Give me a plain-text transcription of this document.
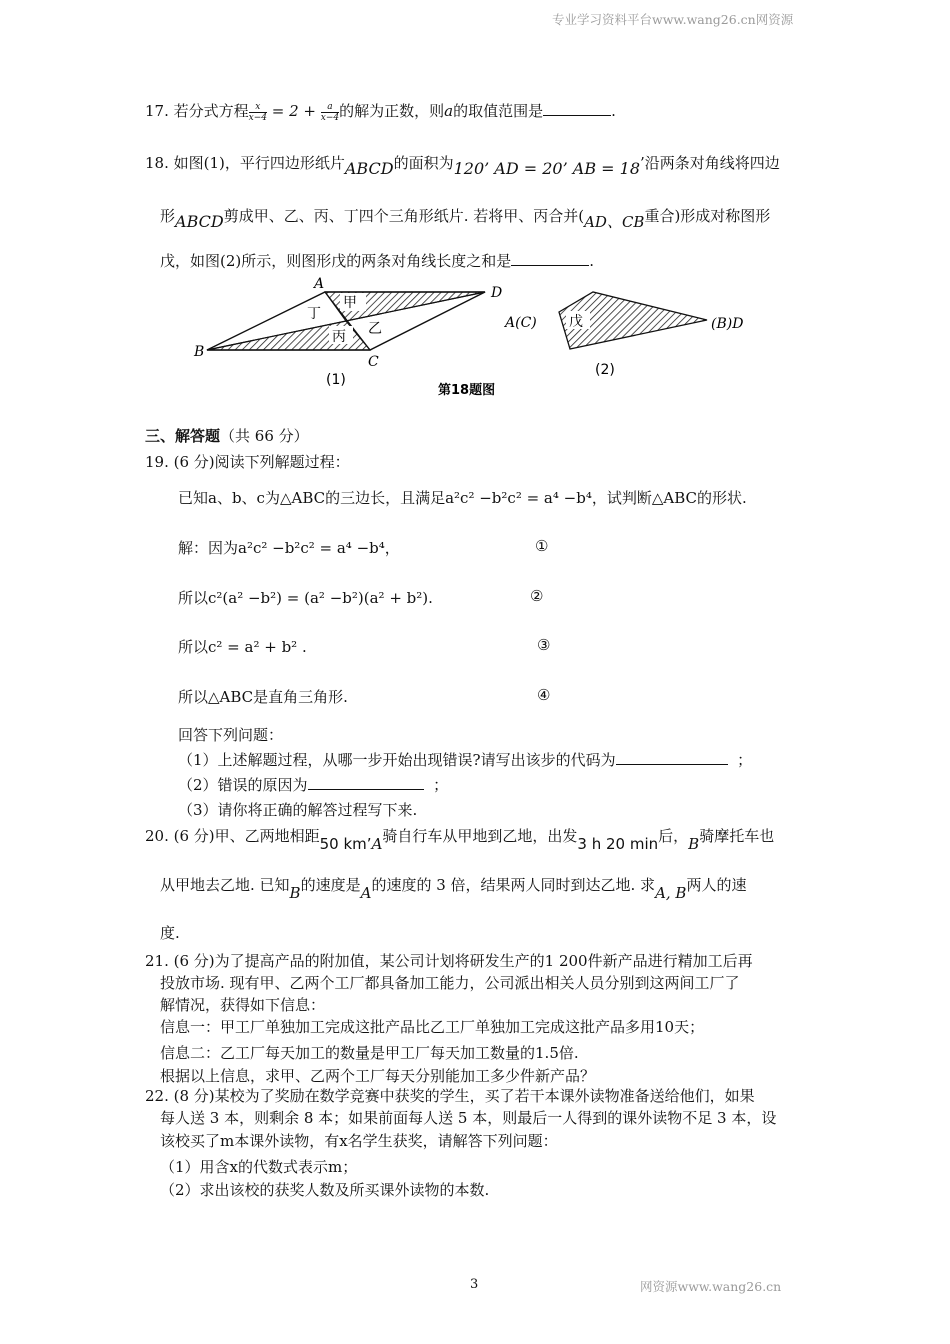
专业学习资料平台www.wang26.cn网资源
17. 若分式方程 $\frac{x}{x-4} = 2 + \frac{a}{x-4}$ 的解为正数，则a的取值范围是	.
18. 如图(1)，平行四边形纸片ABCD的面积为120’ AD = 20’ AB = 18’沿两条对角线将四边
形ABCD剪成甲、乙、丙、丁四个三角形纸片. 若将甲、丙合并(AD、CB重合)形成对称图形
戊，如图(2)所示，则图形戊的两条对角线长度之和是	.
甲
乙
丙
丁
A
D
B
C
(1)
戊
A(C)	(B)D
(2)
第18题图
三、解答题（共 66 分）
19. (6 分)阅读下列解题过程：
已知a、b、c为△ABC的三边长，且满足a²c² −b²c² = a⁴ −b⁴，试判断△ABC的形状.
解：因为a²c² −b²c² = a⁴ −b⁴，	①
所以c²(a² −b²) = (a² −b²)(a² + b²).	②
所以c² = a² + b² .	③
所以△ABC是直角三角形.	④
回答下列问题：
（1）上述解题过程，从哪一步开始出现错误?请写出该步的代码为	；
（2）错误的原因为	；
（3）请你将正确的解答过程写下来.
20. (6 分)甲、乙两地相距50 km’A骑自行车从甲地到乙地，出发3 h 20 min后，B骑摩托车也
从甲地去乙地. 已知B的速度是A的速度的 3 倍，结果两人同时到达乙地. 求A, B两人的速
度.
21. (6 分)为了提高产品的附加值，某公司计划将研发生产的1 200件新产品进行精加工后再
投放市场. 现有甲、乙两个工厂都具备加工能力，公司派出相关人员分别到这两间工厂了
解情况，获得如下信息：
信息一：甲工厂单独加工完成这批产品比乙工厂单独加工完成这批产品多用10天；
信息二：乙工厂每天加工的数量是甲工厂每天加工数量的1.5倍.
根据以上信息，求甲、乙两个工厂每天分别能加工多少件新产品？
22. (8 分)某校为了奖励在数学竞赛中获奖的学生，买了若干本课外读物准备送给他们，如果
每人送 3 本，则剩余 8 本；如果前面每人送 5 本，则最后一人得到的课外读物不足 3 本，设
该校买了m本课外读物，有x名学生获奖，请解答下列问题：
（1）用含x的代数式表示m；
（2）求出该校的获奖人数及所买课外读物的本数.
3	网资源www.wang26.cn
